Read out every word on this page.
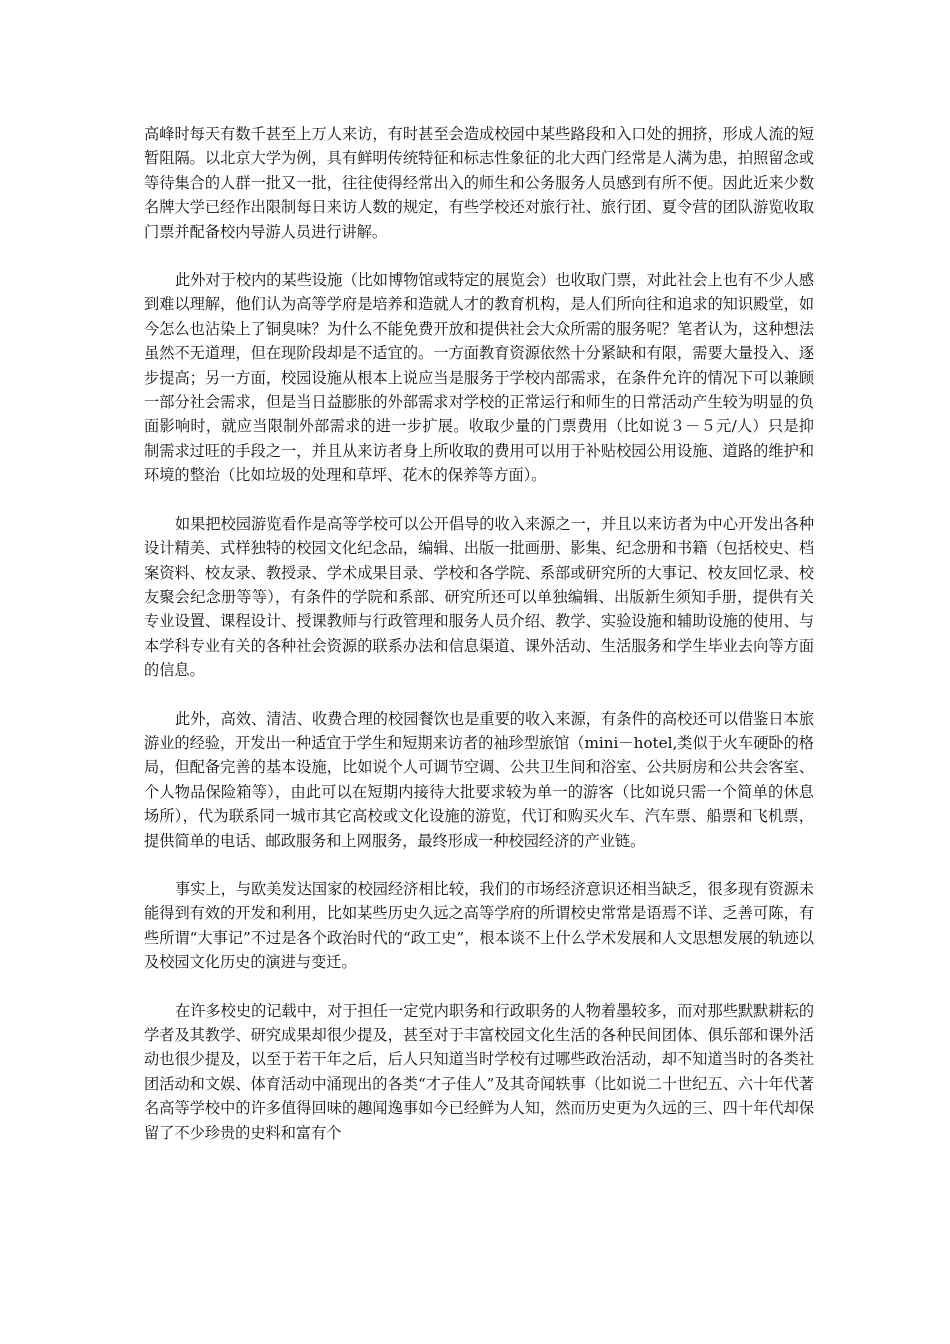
高峰时每天有数千甚至上万人来访，有时甚至会造成校园中某些路段和入口处的拥挤，形成人流的短暂阻隔。以北京大学为例，具有鲜明传统特征和标志性象征的北大西门经常是人满为患，拍照留念或等待集合的人群一批又一批，往往使得经常出入的师生和公务服务人员感到有所不便。因此近来少数名牌大学已经作出限制每日来访人数的规定，有些学校还对旅行社、旅行团、夏令营的团队游览收取门票并配备校内导游人员进行讲解。

此外对于校内的某些设施（比如博物馆或特定的展览会）也收取门票，对此社会上也有不少人感到难以理解，他们认为高等学府是培养和造就人才的教育机构，是人们所向往和追求的知识殿堂，如今怎么也沾染上了铜臭味？为什么不能免费开放和提供社会大众所需的服务呢？笔者认为，这种想法虽然不无道理，但在现阶段却是不适宜的。一方面教育资源依然十分紧缺和有限，需要大量投入、逐步提高；另一方面，校园设施从根本上说应当是服务于学校内部需求，在条件允许的情况下可以兼顾一部分社会需求，但是当日益膨胀的外部需求对学校的正常运行和师生的日常活动产生较为明显的负面影响时，就应当限制外部需求的进一步扩展。收取少量的门票费用（比如说３－５元/人）只是抑制需求过旺的手段之一，并且从来访者身上所收取的费用可以用于补贴校园公用设施、道路的维护和环境的整治（比如垃圾的处理和草坪、花木的保养等方面）。

如果把校园游览看作是高等学校可以公开倡导的收入来源之一，并且以来访者为中心开发出各种设计精美、式样独特的校园文化纪念品，编辑、出版一批画册、影集、纪念册和书籍（包括校史、档案资料、校友录、教授录、学术成果目录、学校和各学院、系部或研究所的大事记、校友回忆录、校友聚会纪念册等等），有条件的学院和系部、研究所还可以单独编辑、出版新生须知手册，提供有关专业设置、课程设计、授课教师与行政管理和服务人员介绍、教学、实验设施和辅助设施的使用、与本学科专业有关的各种社会资源的联系办法和信息渠道、课外活动、生活服务和学生毕业去向等方面的信息。

此外，高效、清洁、收费合理的校园餐饮也是重要的收入来源，有条件的高校还可以借鉴日本旅游业的经验，开发出一种适宜于学生和短期来访者的袖珍型旅馆（mini－hotel,类似于火车硬卧的格局，但配备完善的基本设施，比如说个人可调节空调、公共卫生间和浴室、公共厨房和公共会客室、个人物品保险箱等），由此可以在短期内接待大批要求较为单一的游客（比如说只需一个简单的休息场所），代为联系同一城市其它高校或文化设施的游览，代订和购买火车、汽车票、船票和飞机票，提供简单的电话、邮政服务和上网服务，最终形成一种校园经济的产业链。

事实上，与欧美发达国家的校园经济相比较，我们的市场经济意识还相当缺乏，很多现有资源未能得到有效的开发和利用，比如某些历史久远之高等学府的所谓校史常常是语焉不详、乏善可陈，有些所谓“大事记”不过是各个政治时代的“政工史”，根本谈不上什么学术发展和人文思想发展的轨迹以及校园文化历史的演进与变迁。

在许多校史的记载中，对于担任一定党内职务和行政职务的人物着墨较多，而对那些默默耕耘的学者及其教学、研究成果却很少提及，甚至对于丰富校园文化生活的各种民间团体、俱乐部和课外活动也很少提及，以至于若干年之后，后人只知道当时学校有过哪些政治活动，却不知道当时的各类社团活动和文娱、体育活动中涌现出的各类“才子佳人”及其奇闻轶事（比如说二十世纪五、六十年代著名高等学校中的许多值得回味的趣闻逸事如今已经鲜为人知，然而历史更为久远的三、四十年代却保留了不少珍贵的史料和富有个
